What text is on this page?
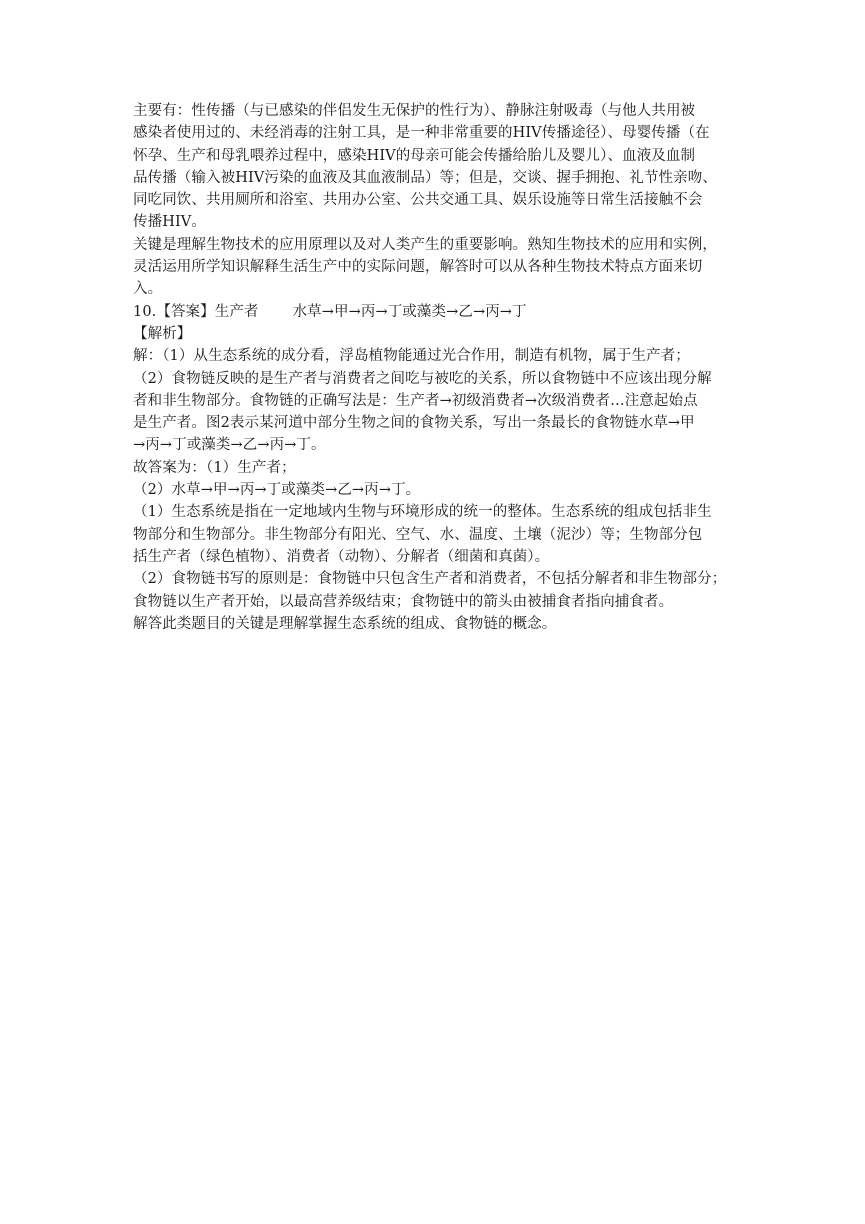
主要有：性传播（与已感染的伴侣发生无保护的性行为）、静脉注射吸毒（与他人共用被
感染者使用过的、未经消毒的注射工具，是一种非常重要的HIV传播途径）、母婴传播（在
怀孕、生产和母乳喂养过程中，感染HIV的母亲可能会传播给胎儿及婴儿）、血液及血制
品传播（输入被HIV污染的血液及其血液制品）等；但是，交谈、握手拥抱、礼节性亲吻、
同吃同饮、共用厕所和浴室、共用办公室、公共交通工具、娱乐设施等日常生活接触不会
传播HIV。
关键是理解生物技术的应用原理以及对人类产生的重要影响。熟知生物技术的应用和实例，
灵活运用所学知识解释生活生产中的实际问题，解答时可以从各种生物技术特点方面来切
入。
10.【答案】生产者 水草→甲→丙→丁或藻类→乙→丙→丁
【解析】
解：（1）从生态系统的成分看，浮岛植物能通过光合作用，制造有机物，属于生产者；
（2）食物链反映的是生产者与消费者之间吃与被吃的关系，所以食物链中不应该出现分解
者和非生物部分。食物链的正确写法是：生产者→初级消费者→次级消费者…注意起始点
是生产者。图2表示某河道中部分生物之间的食物关系，写出一条最长的食物链水草→甲
→丙→丁或藻类→乙→丙→丁。
故答案为：（1）生产者；
（2）水草→甲→丙→丁或藻类→乙→丙→丁。
（1）生态系统是指在一定地域内生物与环境形成的统一的整体。生态系统的组成包括非生
物部分和生物部分。非生物部分有阳光、空气、水、温度、土壤（泥沙）等；生物部分包
括生产者（绿色植物）、消费者（动物）、分解者（细菌和真菌）。
（2）食物链书写的原则是：食物链中只包含生产者和消费者，不包括分解者和非生物部分；
食物链以生产者开始，以最高营养级结束；食物链中的箭头由被捕食者指向捕食者。
解答此类题目的关键是理解掌握生态系统的组成、食物链的概念。
